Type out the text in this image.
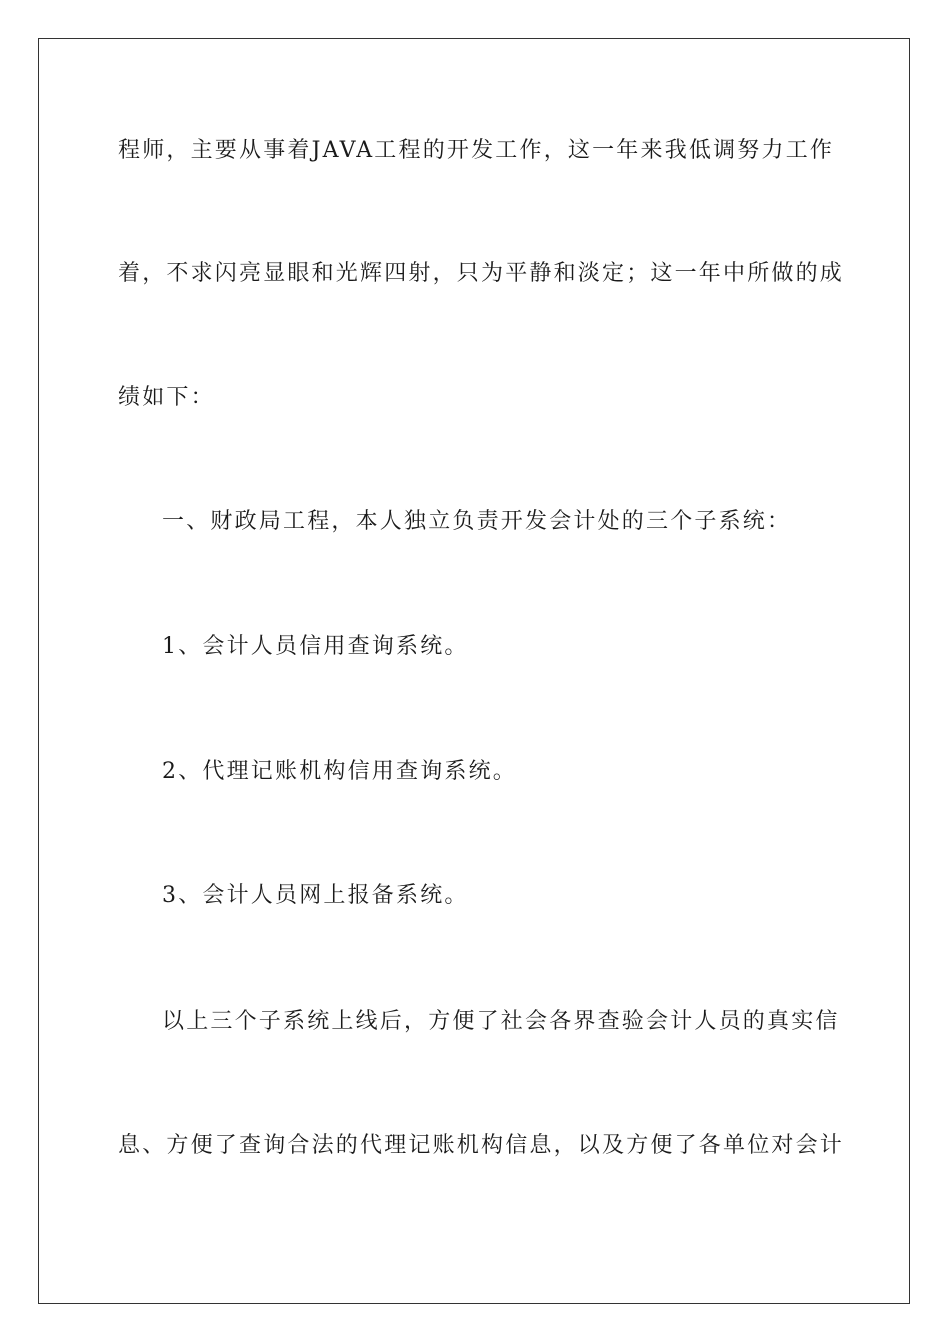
程师，主要从事着JAVA工程的开发工作，这一年来我低调努力工作
着，不求闪亮显眼和光辉四射，只为平静和淡定；这一年中所做的成
绩如下：
一、财政局工程，本人独立负责开发会计处的三个子系统：
1、会计人员信用查询系统。
2、代理记账机构信用查询系统。
3、会计人员网上报备系统。
以上三个子系统上线后，方便了社会各界查验会计人员的真实信
息、方便了查询合法的代理记账机构信息，以及方便了各单位对会计
